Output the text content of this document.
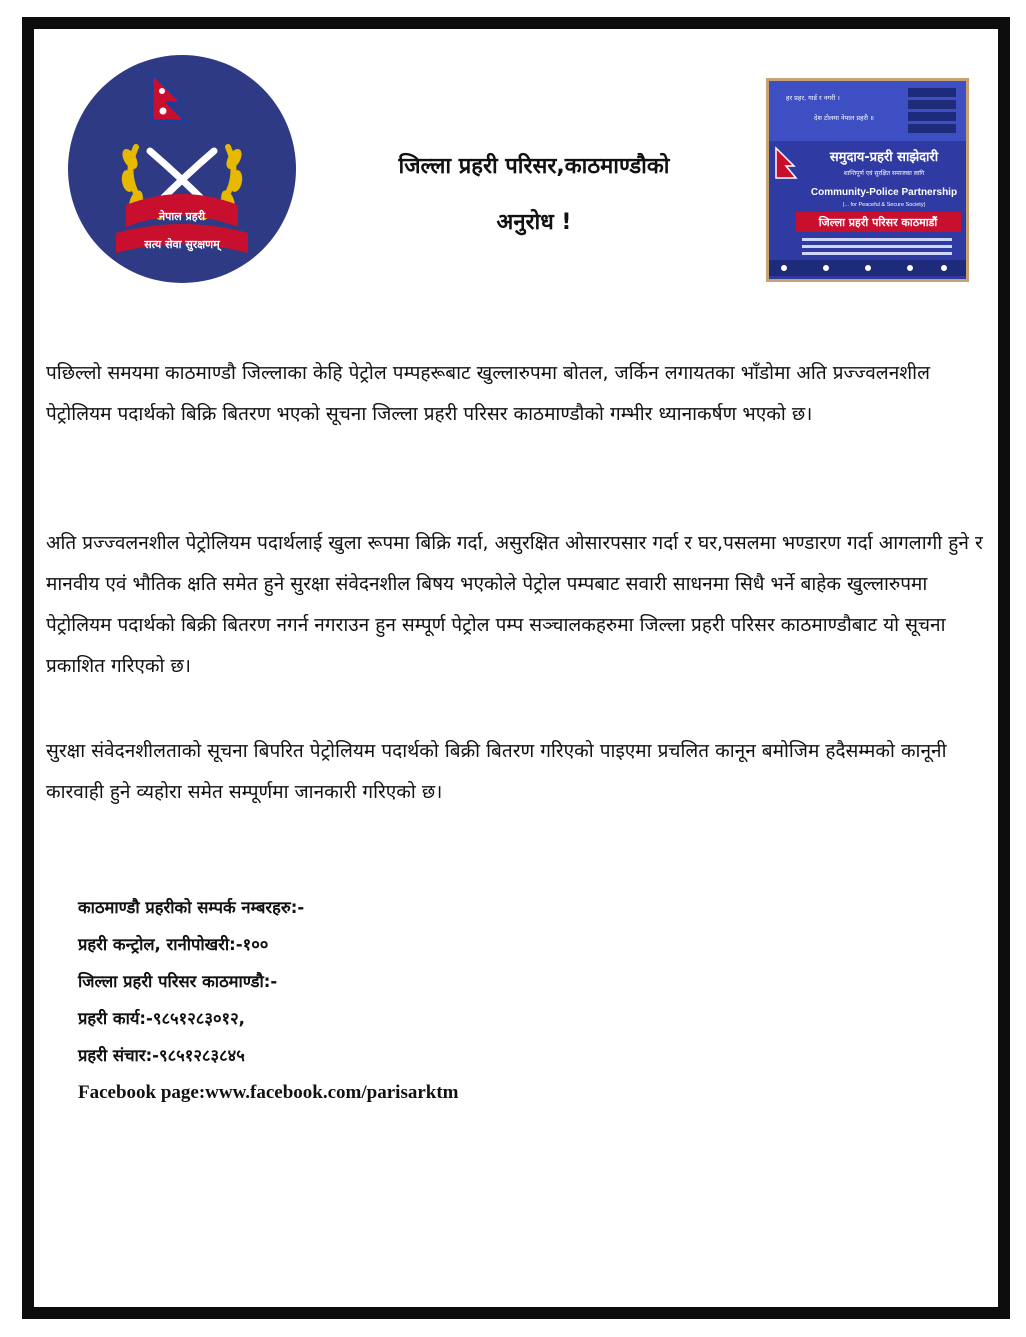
नेपाल प्रहरी
सत्य सेवा सुरक्षणम्
जिल्ला प्रहरी परिसर,काठमाण्डौको
अनुरोध !
हर प्रहर, गार्ड र नगरी ।
देश टोलमा नेपाल प्रहरी ॥
समुदाय-प्रहरी साझेदारी
शान्तिपूर्ण एवं सुरक्षित समाजका लागि
Community-Police Partnership
(... for Peaceful & Secure Society)
जिल्ला प्रहरी परिसर काठमाडौं

पछिल्लो समयमा काठमाण्डौ जिल्लाका केहि पेट्रोल पम्पहरूबाट खुल्लारुपमा बोतल, जर्किन लगायतका भाँडोमा अति प्रज्ज्वलनशील पेट्रोलियम पदार्थको बिक्रि बितरण भएको सूचना जिल्ला प्रहरी परिसर काठमाण्डौको गम्भीर ध्यानाकर्षण भएको छ।

अति प्रज्ज्वलनशील पेट्रोलियम पदार्थलाई खुला रूपमा बिक्रि गर्दा, असुरक्षित ओसारपसार गर्दा र घर,पसलमा भण्डारण गर्दा आगलागी हुने र मानवीय एवं भौतिक क्षति समेत हुने सुरक्षा संवेदनशील बिषय भएकोले पेट्रोल पम्पबाट सवारी साधनमा सिधै भर्ने बाहेक खुल्लारुपमा पेट्रोलियम पदार्थको बिक्री बितरण नगर्न नगराउन हुन सम्पूर्ण पेट्रोल पम्प सञ्चालकहरुमा जिल्ला प्रहरी परिसर काठमाण्डौबाट यो सूचना प्रकाशित गरिएको छ।

सुरक्षा संवेदनशीलताको सूचना बिपरित पेट्रोलियम पदार्थको बिक्री बितरण गरिएको पाइएमा प्रचलित कानून बमोजिम हदैसम्मको कानूनी कारवाही हुने व्यहोरा समेत सम्पूर्णमा जानकारी गरिएको छ।

काठमाण्डौ प्रहरीको सम्पर्क नम्बरहरु:-
प्रहरी कन्ट्रोल, रानीपोखरी:-१००
जिल्ला प्रहरी परिसर काठमाण्डौ:-
प्रहरी कार्य:-९८५१२८३०१२,
प्रहरी संचार:-९८५१२८३८४५
Facebook page:www.facebook.com/parisarktm
